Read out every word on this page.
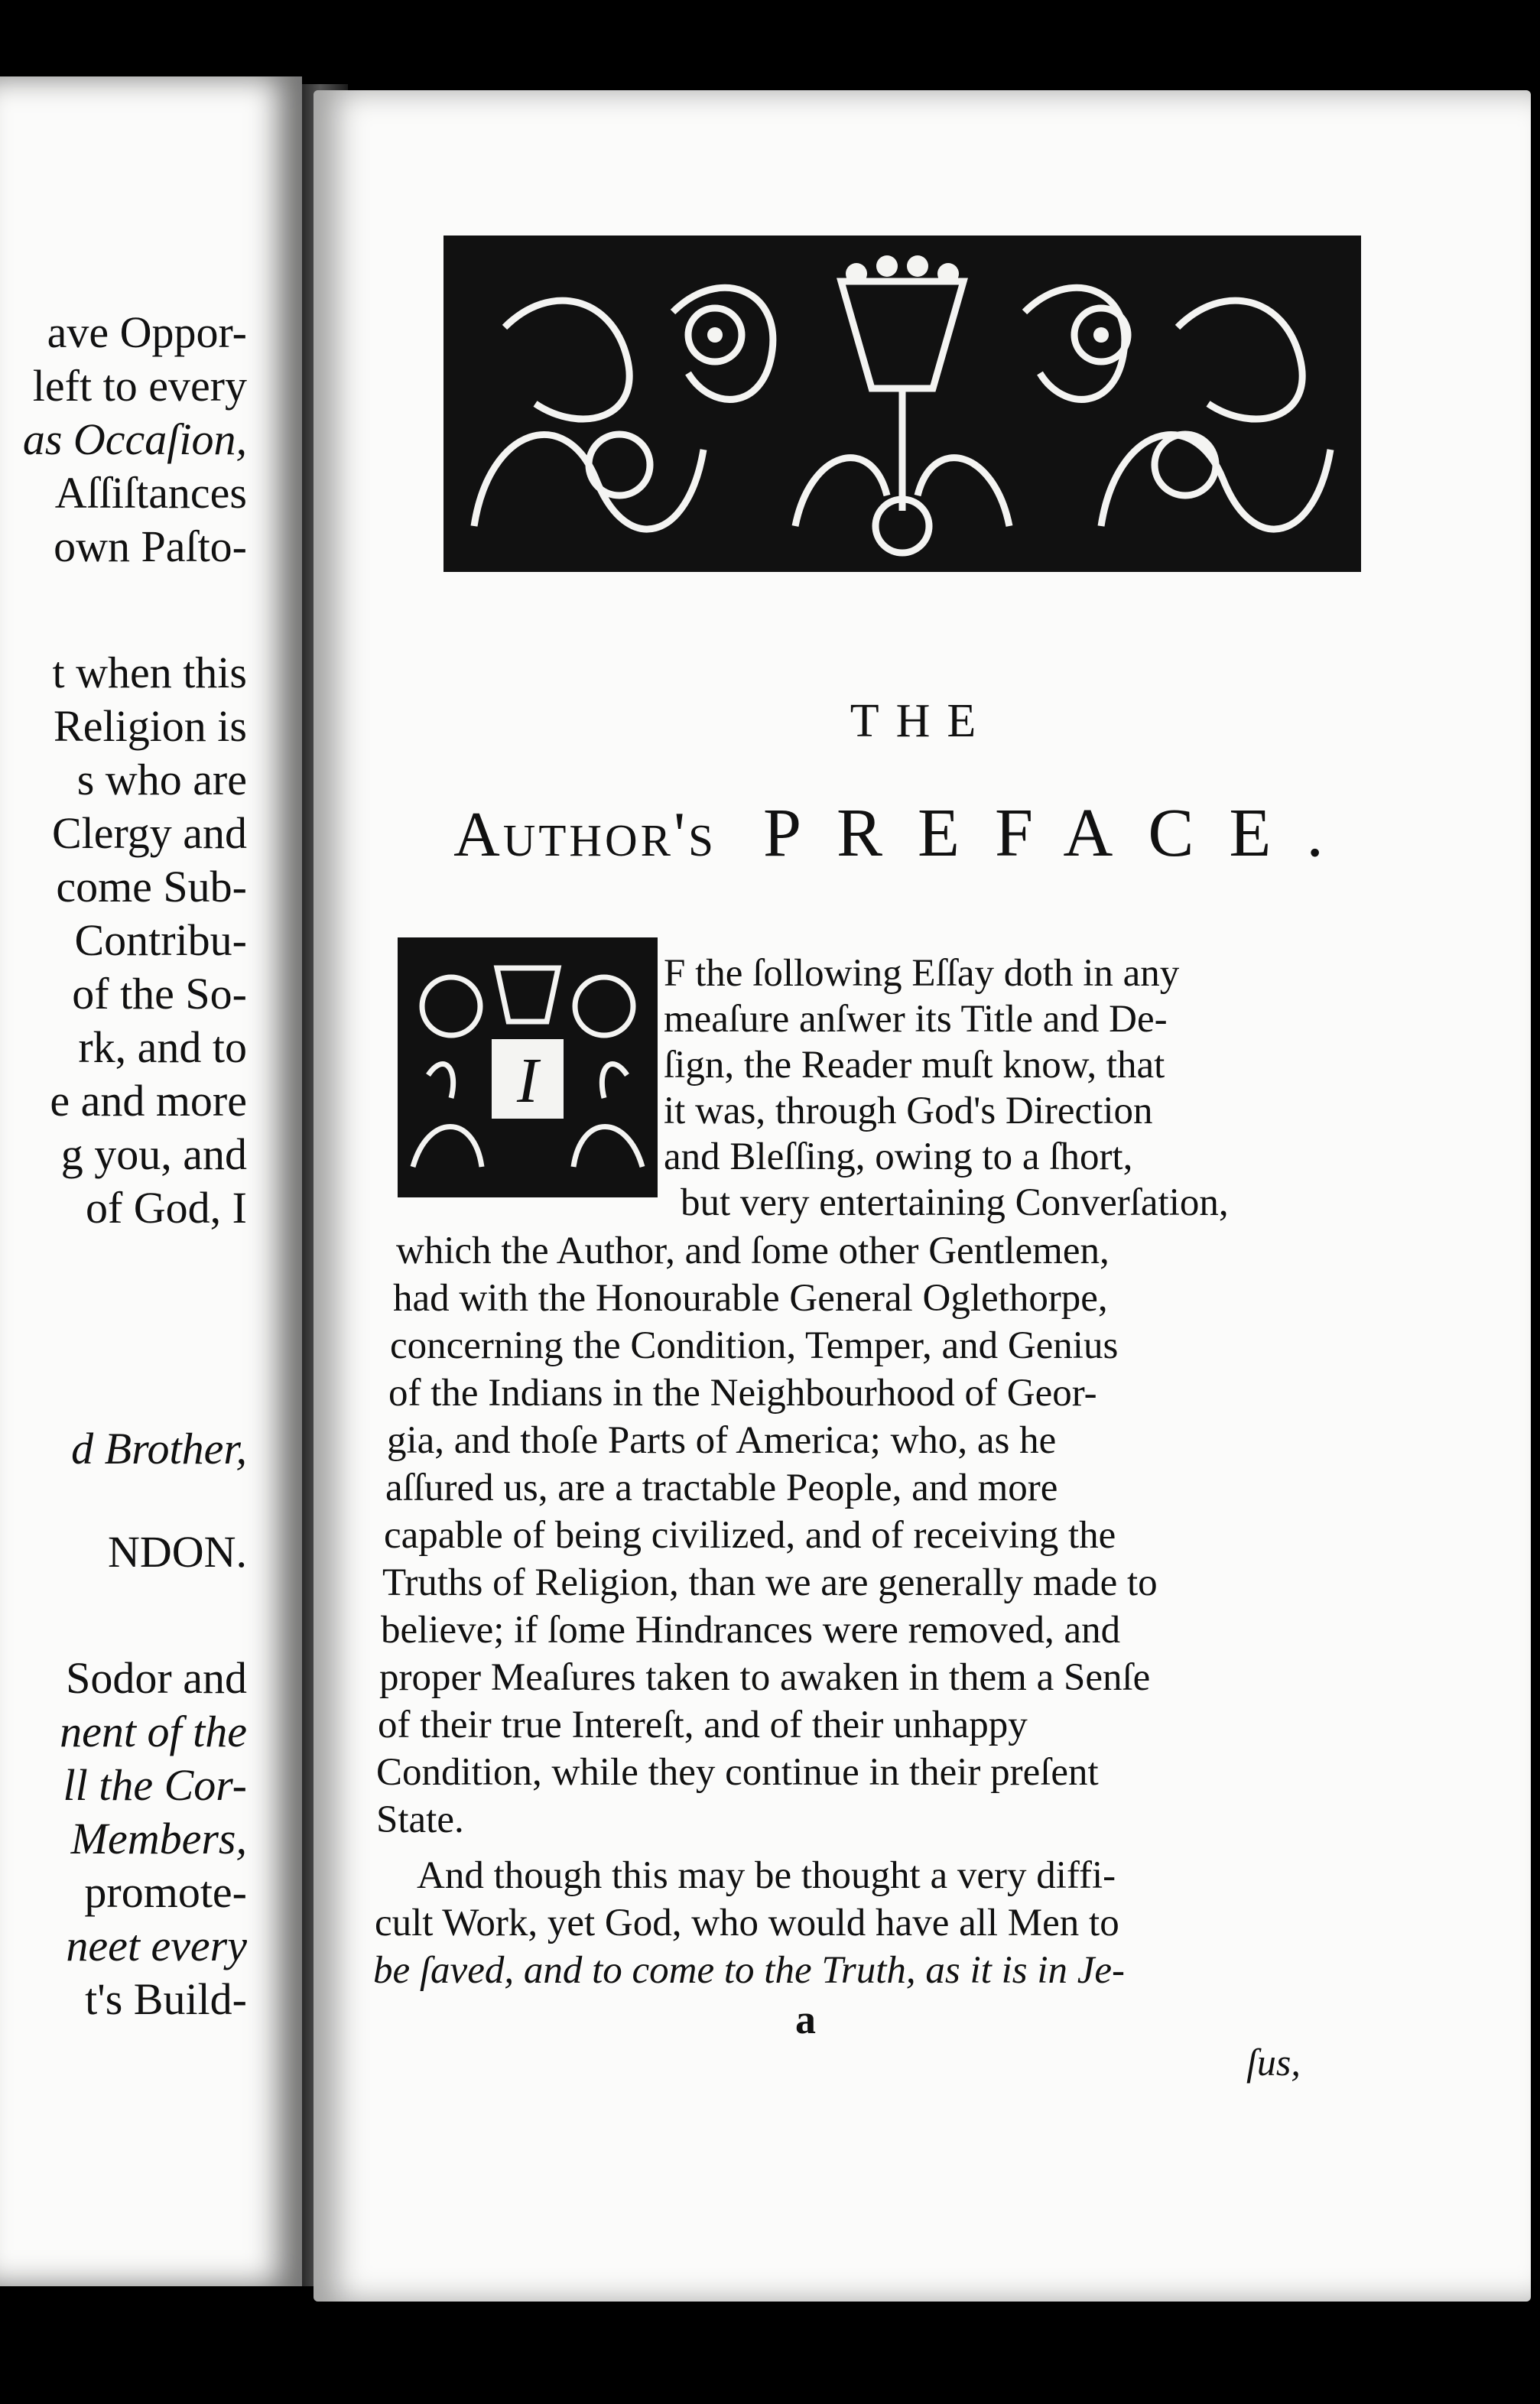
ave Oppor-
left to every
as Occaſion,
Aſſiſtances
own Paſto-
t when this
Religion is
s who are
Clergy and
come Sub-
Contribu-
of the So-
rk, and to
e and more
g you, and
of God, I
d Brother,
NDON.
Sodor and
nent of the
ll the Cor-
Members,
promote-
neet every
t's Build-
THE
Author's PREFACE.
I
F the ſollowing Eſſay doth in any
meaſure anſwer its Title and De-
ſign, the Reader muſt know, that
it was, through God's Direction
and Bleſſing, owing to a ſhort,
but very entertaining Converſation,
which the Author, and ſome other Gentlemen,
had with the Honourable General Oglethorpe,
concerning the Condition, Temper, and Genius
of the Indians in the Neighbourhood of Geor-
gia, and thoſe Parts of America; who, as he
aſſured us, are a tractable People, and more
capable of being civilized, and of receiving the
Truths of Religion, than we are generally made to
believe; if ſome Hindrances were removed, and
proper Meaſures taken to awaken in them a Senſe
of their true Intereſt, and of their unhappy
Condition, while they continue in their preſent
State.
And though this may be thought a very diffi-
cult Work, yet God, who would have all Men to
be ſaved, and to come to the Truth, as it is in Je-
a
ſus,
